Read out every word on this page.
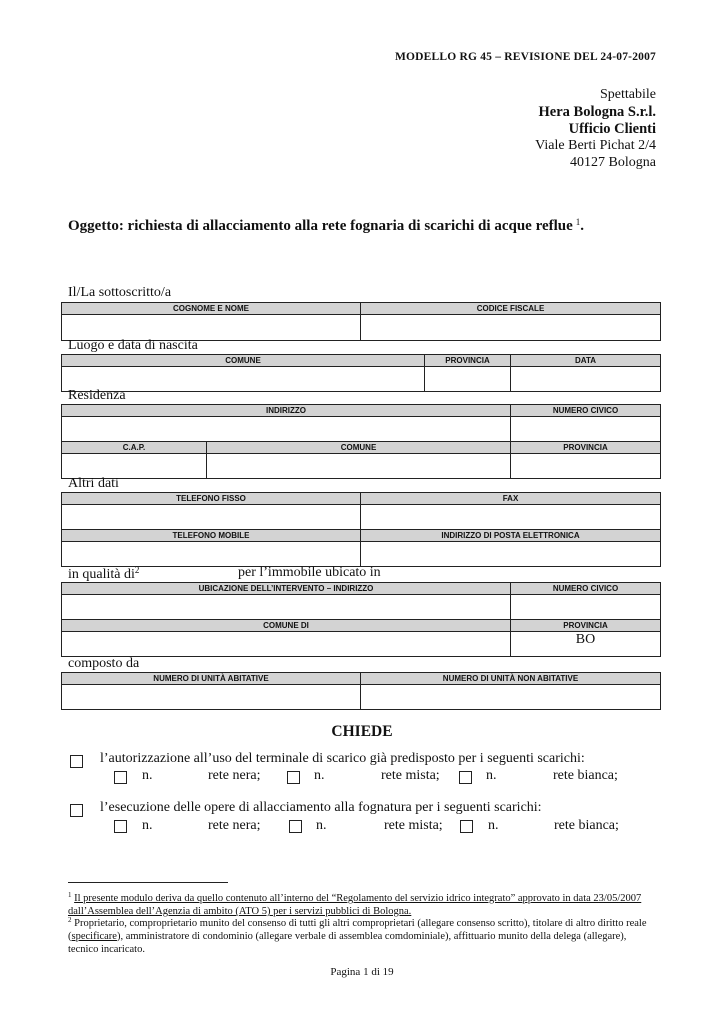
MODELLO RG 45 – REVISIONE DEL 24-07-2007
Spettabile
Hera Bologna S.r.l.
Ufficio Clienti
Viale Berti Pichat 2/4
40127 Bologna
Oggetto: richiesta di allacciamento alla rete fognaria di scarichi di acque reflue  $^1$.
Il/La sottoscritto/a
COGNOME E NOME	CODICE FISCALE

Luogo e data di nascita
COMUNE	PROVINCIA	DATA

Residenza
INDIRIZZO		NUMERO CIVICO

C.A.P.	COMUNE	PROVINCIA

Altri dati
TELEFONO FISSO	FAX

TELEFONO MOBILE	INDIRIZZO DI POSTA ELETTRONICA

in qualità $di^2$	per l’immobile ubicato in
UBICAZIONE DELL’INTERVENTO – INDIRIZZO	NUMERO CIVICO

COMUNE DI	PROVINCIA
	BO
composto da
NUMERO DI UNITÀ ABITATIVE	NUMERO DI UNITÀ NON ABITATIVE

CHIEDE
l’autorizzazione all’uso del terminale di scarico già predisposto per i seguenti scarichi:
n.	rete nera;	n.	rete mista;	n.	rete bianca;
l’esecuzione delle opere di allacciamento alla fognatura per i seguenti scarichi:
n.	rete nera;	n.	rete mista;	n.	rete bianca;
$^1$ Il presente modulo deriva da quello contenuto all’interno del “Regolamento del servizio idrico integrato” approvato in data 23/05/2007 dall’Assemblea dell’Agenzia di ambito (ATO 5) per i servizi pubblici di Bologna.
$^2$ Proprietario, comproprietario munito del consenso di tutti gli altri comproprietari (allegare consenso scritto), titolare di altro diritto reale (specificare), amministratore di condominio (allegare verbale di assemblea comdominiale), affittuario munito della delega (allegare), tecnico incaricato.
Pagina 1 di 19
